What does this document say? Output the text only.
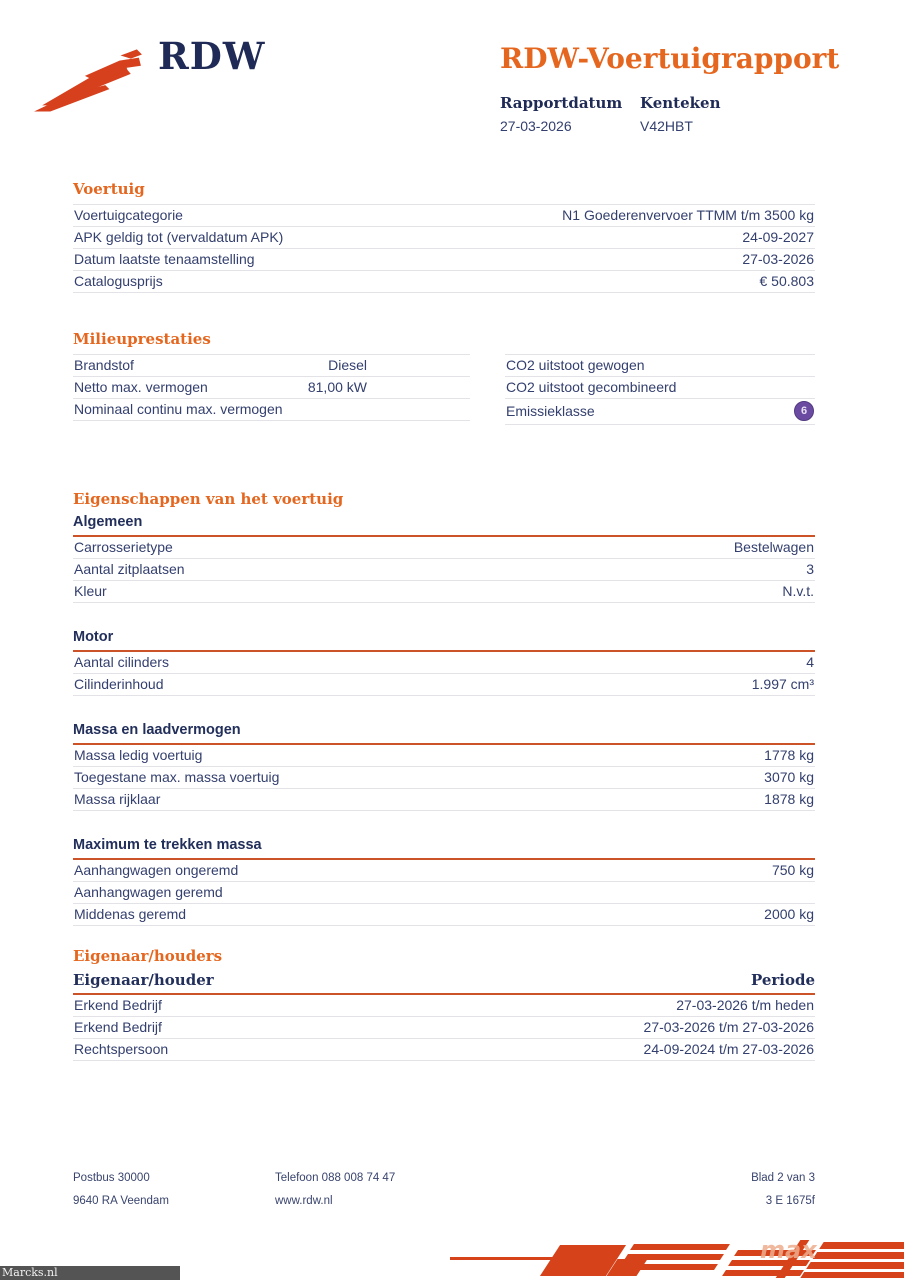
RDW	RDW-Voertuigrapport
Rapportdatum
27-03-2026
Kenteken
V42HBT
Voertuig
Voertuigcategorie	N1 Goederenvervoer TTMM t/m 3500 kg
APK geldig tot (vervaldatum APK)	24-09-2027
Datum laatste tenaamstelling	27-03-2026
Catalogusprijs	€ 50.803
Milieuprestaties
Brandstof	Diesel
Netto max. vermogen	81,00 kW
Nominaal continu max. vermogen
CO2 uitstoot gewogen
CO2 uitstoot gecombineerd
Emissieklasse	6
Eigenschappen van het voertuig
Algemeen
Carrosserietype	Bestelwagen
Aantal zitplaatsen	3
Kleur	N.v.t.
Motor
Aantal cilinders	4
Cilinderinhoud	1.997 cm³
Massa en laadvermogen
Massa ledig voertuig	1778 kg
Toegestane max. massa voertuig	3070 kg
Massa rijklaar	1878 kg
Maximum te trekken massa
Aanhangwagen ongeremd	750 kg
Aanhangwagen geremd
Middenas geremd	2000 kg
Eigenaar/houders
Eigenaar/houder	Periode
Erkend Bedrijf	27-03-2026 t/m heden
Erkend Bedrijf	27-03-2026 t/m 27-03-2026
Rechtspersoon	24-09-2024 t/m 27-03-2026
Postbus 30000	Telefoon 088 008 74 47	Blad 2 van 3
9640 RA Veendam	www.rdw.nl	3 E 1675f
max
Marcks.nl
